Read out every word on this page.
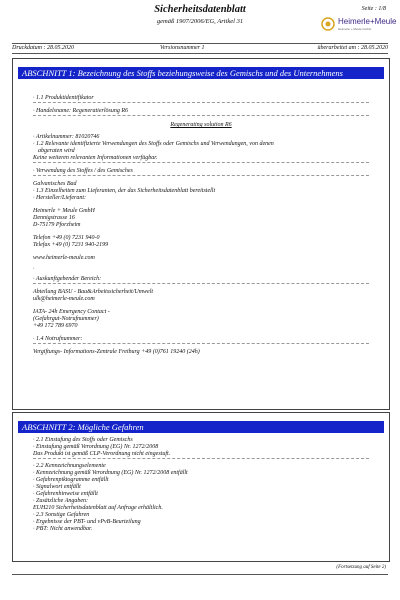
Sicherheitsdatenblatt
gemäß 1907/2006/EG, Artikel 31
Seite : 1/8
Heimerle+Meule
Heimerle + Meule GmbH
Druckdatum : 28.05.2020	Versionsnummer 1	überarbeitet am : 28.05.2020
ABSCHNITT 1: Bezeichnung des Stoffs beziehungsweise des Gemischs und des Unternehmens
· 1.1 Produktidentifikator
· Handelsname: Regeneratierlösung R6
Regenerating solution R6
· Artikelnummer: 81020746
· 1.2 Relevante identifizierte Verwendungen des Stoffs oder Gemischs und Verwendungen, von denen
abgeraten wird
Keine weiteren relevanten Informationen verfügbar.
· Verwendung des Stoffes / des Gemisches
Galvanisches Bad
· 1.3 Einzelheiten zum Lieferanten, der das Sicherheitsdatenblatt bereitstellt
· Hersteller/Lieferant:
Heimerle + Meule GmbH
Dennigstrasse 16
D-75179 Pforzheim
Telefon +49 (0) 7231 940-0
Telefax +49 (0) 7231 940-2199
www.heimerle-meule.com
·
· Auskunftgebender Bereich:
Abteilung BASU - Bau&Arbeitssicherheit/Umwelt
ulk@heimerle-meule.com
IATA- 24h Emergency Contact -
(Gefahrgut-Notrufnummer)
+49 172 789 6970
· 1.4 Notrufnummer:
Vergiftungs- Informations-Zentrale Freiburg +49 (0)761 19240 (24h)
ABSCHNITT 2: Mögliche Gefahren
· 2.1 Einstufung des Stoffs oder Gemischs
· Einstufung gemäß Verordnung (EG) Nr. 1272/2008
Das Produkt ist gemäß CLP-Verordnung nicht eingestuft.
· 2.2 Kennzeichnungselemente
· Kennzeichnung gemäß Verordnung (EG) Nr. 1272/2008 entfällt
· Gefahrenpiktogramme entfällt
· Signalwort entfällt
· Gefahrenhinweise entfällt
· Zusätzliche Angaben:
EUH210 Sicherheitsdatenblatt auf Anfrage erhältlich.
· 2.3 Sonstige Gefahren
· Ergebnisse der PBT- und vPvB-Beurteilung
· PBT: Nicht anwendbar.
(Fortsetzung auf Seite 2)
